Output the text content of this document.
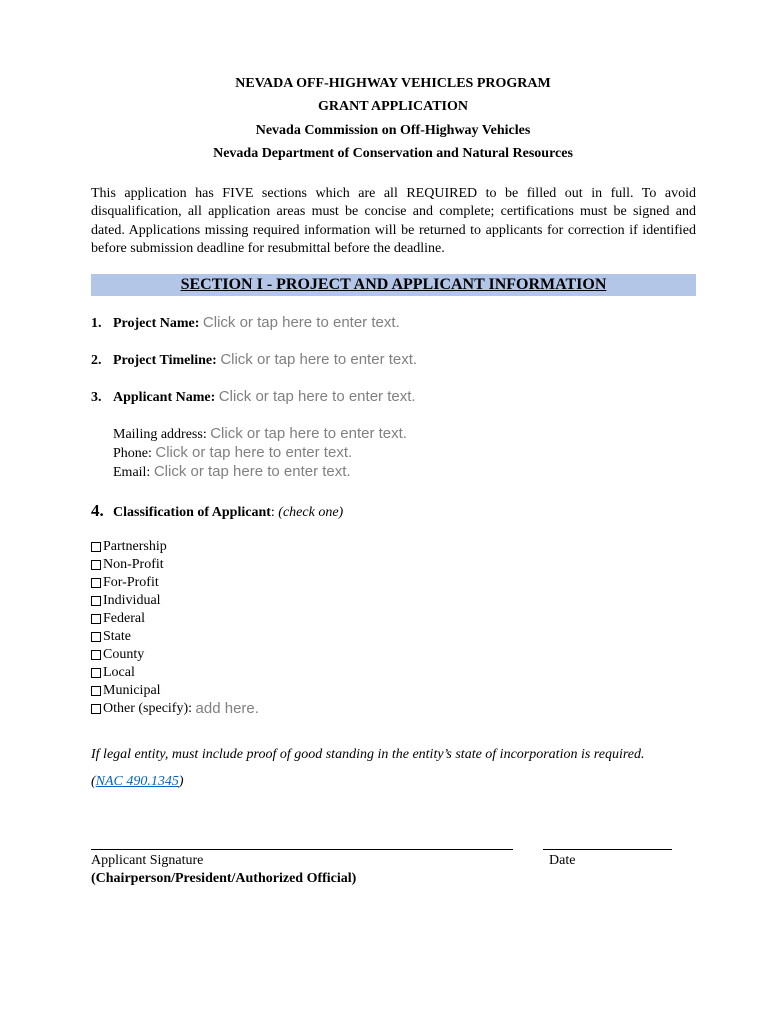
NEVADA OFF-HIGHWAY VEHICLES PROGRAM
GRANT APPLICATION
Nevada Commission on Off-Highway Vehicles
Nevada Department of Conservation and Natural Resources
This application has FIVE sections which are all REQUIRED to be filled out in full. To avoid disqualification, all application areas must be concise and complete; certifications must be signed and dated. Applications missing required information will be returned to applicants for correction if identified before submission deadline for resubmittal before the deadline.
SECTION I - PROJECT AND APPLICANT INFORMATION
1. Project Name: Click or tap here to enter text.
2. Project Timeline: Click or tap here to enter text.
3. Applicant Name: Click or tap here to enter text.
Mailing address: Click or tap here to enter text.
Phone: Click or tap here to enter text.
Email: Click or tap here to enter text.
4. Classification of Applicant: (check one)
Partnership
Non-Profit
For-Profit
Individual
Federal
State
County
Local
Municipal
Other (specify):
add here.
If legal entity, must include proof of good standing in the entity’s state of incorporation is required.
(NAC 490.1345)
Applicant Signature	Date
(Chairperson/President/Authorized Official)
